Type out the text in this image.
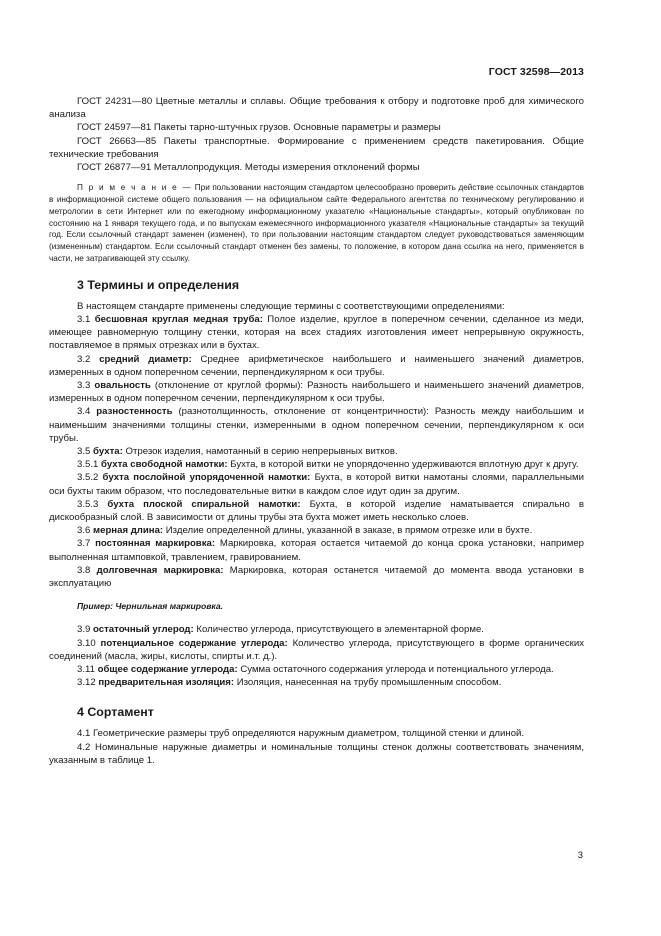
ГОСТ 32598—2013

ГОСТ 24231—80 Цветные металлы и сплавы. Общие требования к отбору и подготовке проб для химического анализа

ГОСТ 24597—81 Пакеты тарно-штучных грузов. Основные параметры и размеры

ГОСТ 26663—85 Пакеты транспортные. Формирование с применением средств пакетирования. Общие технические требования

ГОСТ 26877—91 Металлопродукция. Методы измерения отклонений формы

П р и м е ч а н и е — При пользовании настоящим стандартом целесообразно проверить действие ссылочных стандартов в информационной системе общего пользования — на официальном сайте Федерального агентства по техническому регулированию и метрологии в сети Интернет или по ежегодному информационному указателю «Национальные стандарты», который опубликован по состоянию на 1 января текущего года, и по выпускам ежемесячного информационного указателя «Национальные стандарты» за текущий год. Если ссылочный стандарт заменен (изменен), то при пользовании настоящим стандартом следует руководствоваться заменяющим (измененным) стандартом. Если ссылочный стандарт отменен без замены, то положение, в котором дана ссылка на него, применяется в части, не затрагивающей эту ссылку.

3 Термины и определения

В настоящем стандарте применены следующие термины с соответствующими определениями:

3.1 бесшовная круглая медная труба: Полое изделие, круглое в поперечном сечении, сделанное из меди, имеющее равномерную толщину стенки, которая на всех стадиях изготовления имеет непрерывную окружность, поставляемое в прямых отрезках или в бухтах.

3.2 средний диаметр: Среднее арифметическое наибольшего и наименьшего значений диаметров, измеренных в одном поперечном сечении, перпендикулярном к оси трубы.

3.3 овальность (отклонение от круглой формы): Разность наибольшего и наименьшего значений диаметров, измеренных в одном поперечном сечении, перпендикулярном к оси трубы.

3.4 разностенность (разнотолщинность, отклонение от концентричности): Разность между наибольшим и наименьшим значениями толщины стенки, измеренными в одном поперечном сечении, перпендикулярном к оси трубы.

3.5 бухта: Отрезок изделия, намотанный в серию непрерывных витков.

3.5.1 бухта свободной намотки: Бухта, в которой витки не упорядоченно удерживаются вплотную друг к другу.

3.5.2 бухта послойной упорядоченной намотки: Бухта, в которой витки намотаны слоями, параллельными оси бухты таким образом, что последовательные витки в каждом слое идут один за другим.

3.5.3 бухта плоской спиральной намотки: Бухта, в которой изделие наматывается спирально в дискообразный слой. В зависимости от длины трубы эта бухта может иметь несколько слоев.

3.6 мерная длина: Изделие определенной длины, указанной в заказе, в прямом отрезке или в бухте.

3.7 постоянная маркировка: Маркировка, которая остается читаемой до конца срока установки, например выполненная штамповкой, травлением, гравированием.

3.8 долговечная маркировка: Маркировка, которая останется читаемой до момента ввода установки в эксплуатацию

Пример: Чернильная маркировка.

3.9 остаточный углерод: Количество углерода, присутствующего в элементарной форме.

3.10 потенциальное содержание углерода: Количество углерода, присутствующего в форме органических соединений (масла, жиры, кислоты, спирты и.т. д.).

3.11 общее содержание углерода: Сумма остаточного содержания углерода и потенциального углерода.

3.12 предварительная изоляция: Изоляция, нанесенная на трубу промышленным способом.

4 Сортамент

4.1 Геометрические размеры труб определяются наружным диаметром, толщиной стенки и длиной.

4.2 Номинальные наружные диаметры и номинальные толщины стенок должны соответствовать значениям, указанным в таблице 1.

3
